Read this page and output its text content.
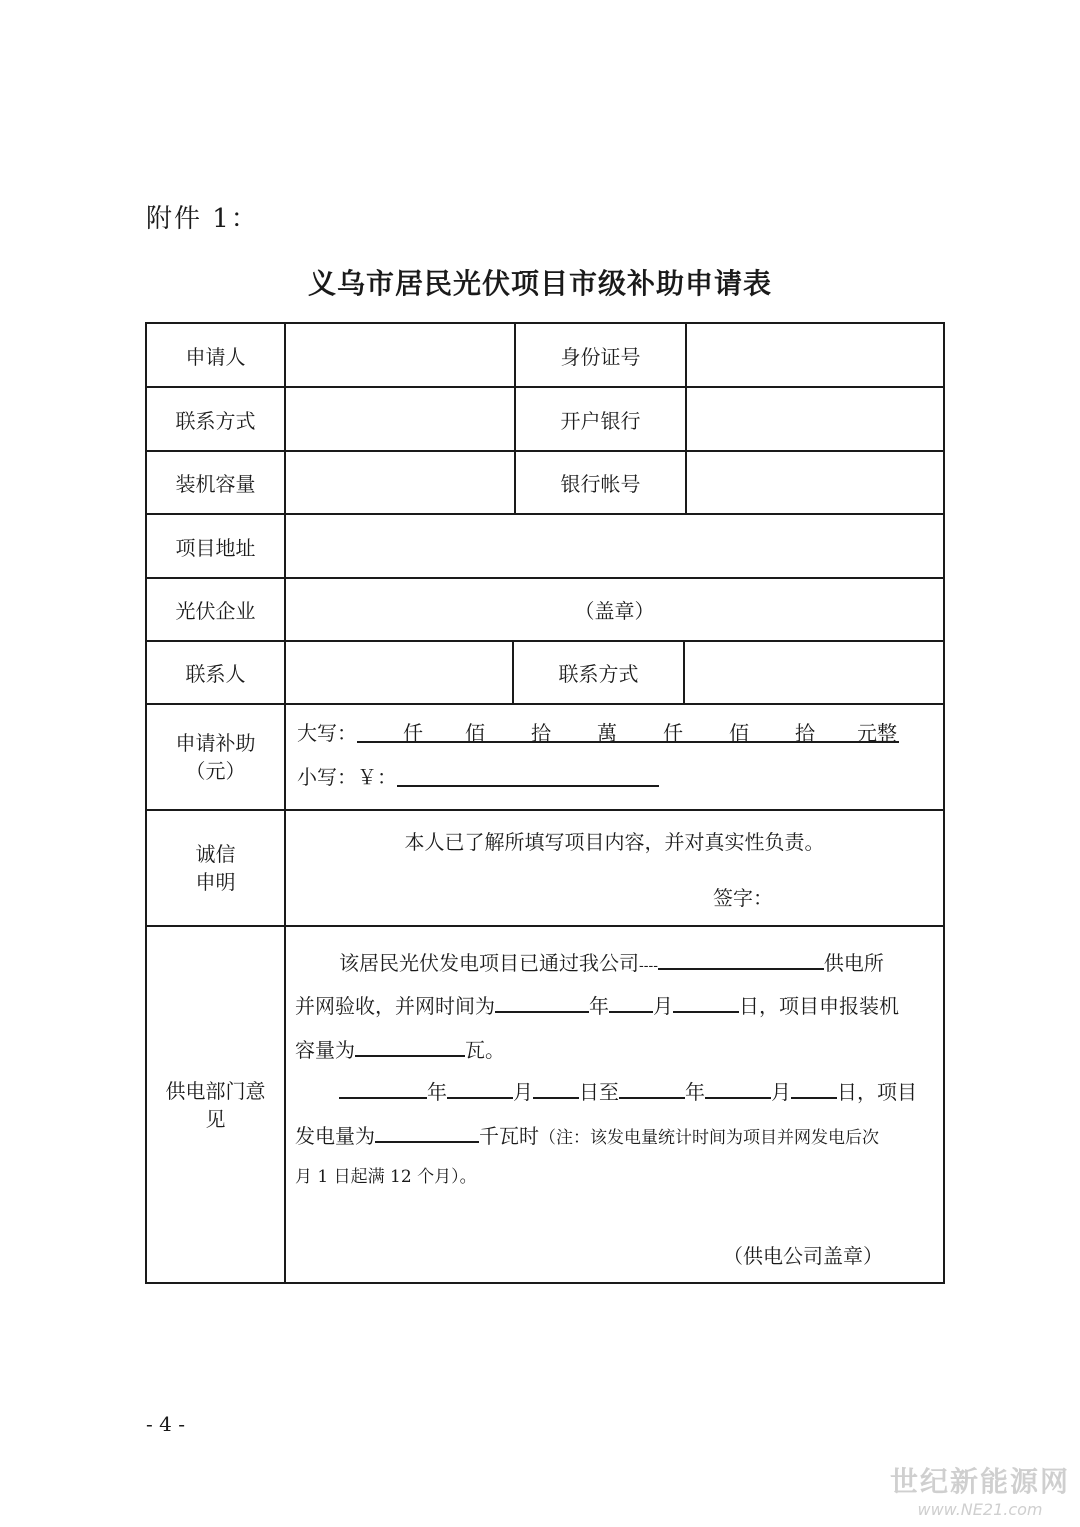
附件 1：
义乌市居民光伏项目市级补助申请表
申请人	身份证号
联系方式	开户银行
装机容量	银行帐号
项目地址
光伏企业	（盖章）
联系人	联系方式
申请补助
（元）
大写： 仟 佰 拾 萬 仟 佰 拾 元整
小写：￥：
诚信
申明
本人已了解所填写项目内容，并对真实性负责。
签字：
供电部门意
见
该居民光伏发电项目已通过我公司----	供电所
并网验收，并网时间为	年 月	日，项目申报装机
容量为	瓦。
年	月 日至	年	月 日，项目
发电量为	千瓦时（注：该发电量统计时间为项目并网发电后次
月 1 日起满 12 个月）。
（供电公司盖章）
- 4 -
世纪新能源网
www.NE21.com
